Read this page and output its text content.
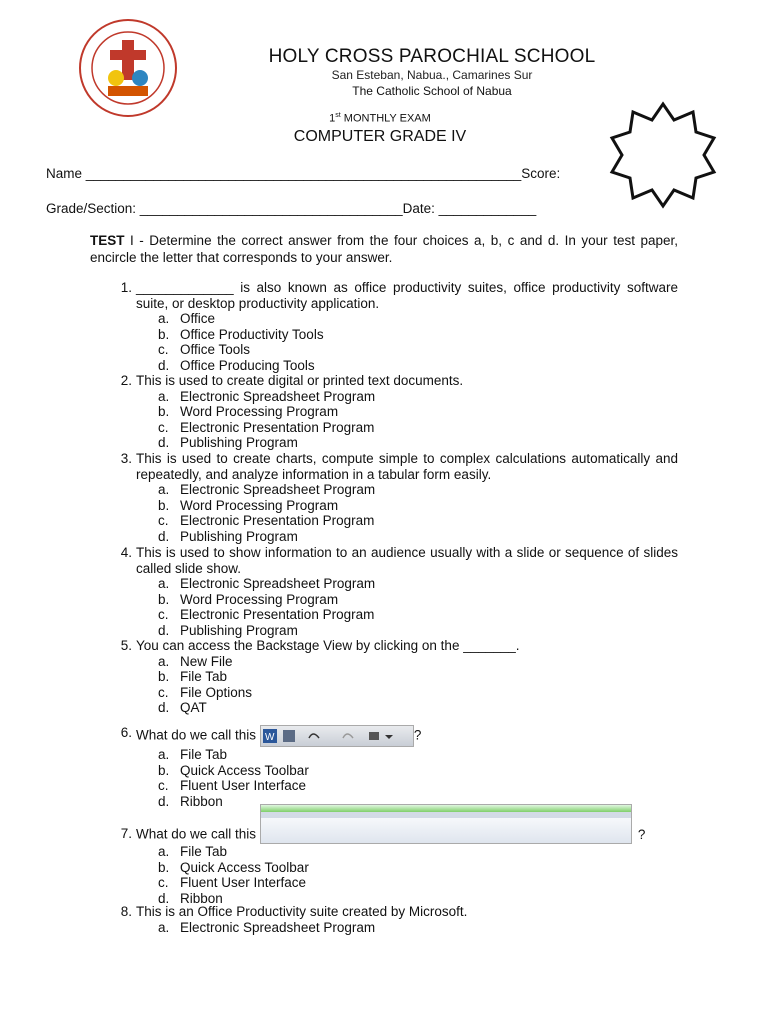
HOLY CROSS PAROCHIAL SCHOOL
San Esteban, Nabua., Camarines Sur
The Catholic School of Nabua
1st MONTHLY EXAM
COMPUTER GRADE IV
Name __________________________________________________________Score:
Grade/Section: ___________________________________Date: _____________
TEST I - Determine the correct answer from the four choices a, b, c and d. In your test paper, encircle the letter that corresponds to your answer.
1. _____________ is also known as office productivity suites, office productivity software suite, or desktop productivity application.
a. Office
b. Office Productivity Tools
c. Office Tools
d. Office Producing Tools
2. This is used to create digital or printed text documents.
a. Electronic Spreadsheet Program
b. Word Processing Program
c. Electronic Presentation Program
d. Publishing Program
3. This is used to create charts, compute simple to complex calculations automatically and repeatedly, and analyze information in a tabular form easily.
a. Electronic Spreadsheet Program
b. Word Processing Program
c. Electronic Presentation Program
d. Publishing Program
4. This is used to show information to an audience usually with a slide or sequence of slides called slide show.
a. Electronic Spreadsheet Program
b. Word Processing Program
c. Electronic Presentation Program
d. Publishing Program
5. You can access the Backstage View by clicking on the _______.
a. New File
b. File Tab
c. File Options
d. QAT
6. What do we call this W	?
a. File Tab
b. Quick Access Toolbar
c. Fluent User Interface
d. Ribbon
7. What do we call this	?
a. File Tab
b. Quick Access Toolbar
c. Fluent User Interface
d. Ribbon
8. This is an Office Productivity suite created by Microsoft.
a. Electronic Spreadsheet Program
